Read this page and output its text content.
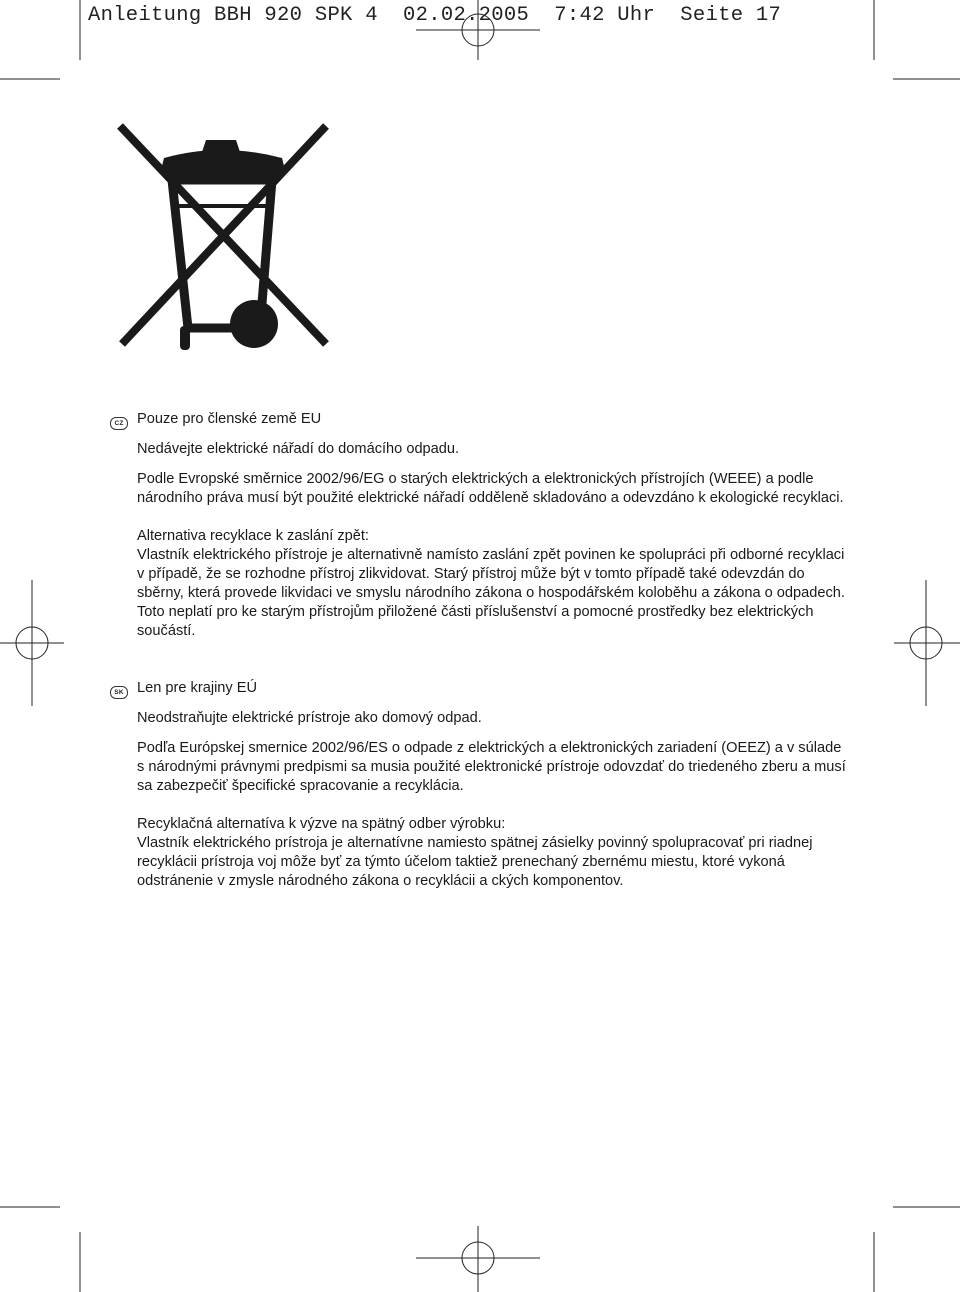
Anleitung BBH 920 SPK 4  02.02.2005  7:42 Uhr  Seite 17
CZ Pouze pro členské země EU

Nedávejte elektrické nářadí do domácího odpadu.

Podle Evropské směrnice 2002/96/EG o starých elektrických a elektronických přístrojích (WEEE) a podle národního práva musí být použité elektrické nářadí odděleně skladováno a odevzdáno k ekologické recyklaci.

Alternativa recyklace k zaslání zpět:

Vlastník elektrického přístroje je alternativně namísto zaslání zpět povinen ke spolupráci při odborné recyklaci v případě, že se rozhodne přístroj zlikvidovat. Starý přístroj může být v tomto případě také odevzdán do sběrny, která provede likvidaci ve smyslu národního zákona o hospodářském koloběhu a zákona o odpadech. Toto neplatí pro ke starým přístrojům přiložené části příslušenství a pomocné prostředky bez elektrických součástí.

SK Len pre krajiny EÚ

Neodstraňujte elektrické prístroje ako domový odpad.

Podľa Európskej smernice 2002/96/ES o odpade z elektrických a elektronických zariadení (OEEZ) a v súlade s národnými právnymi predpismi sa musia použité elektronické prístroje odovzdať do triedeného zberu a musí sa zabezpečiť špecifické spracovanie a recyklácia.

Recyklačná alternatíva k výzve na spätný odber výrobku:

Vlastník elektrického prístroja je alternatívne namiesto spätnej zásielky povinný spolupracovať pri riadnej recyklácii prístroja voj môže byť za týmto účelom taktiež prenechaný zbernému miestu, ktoré vykoná odstránenie v zmysle národného zákona o recyklácii a ckých komponentov.
